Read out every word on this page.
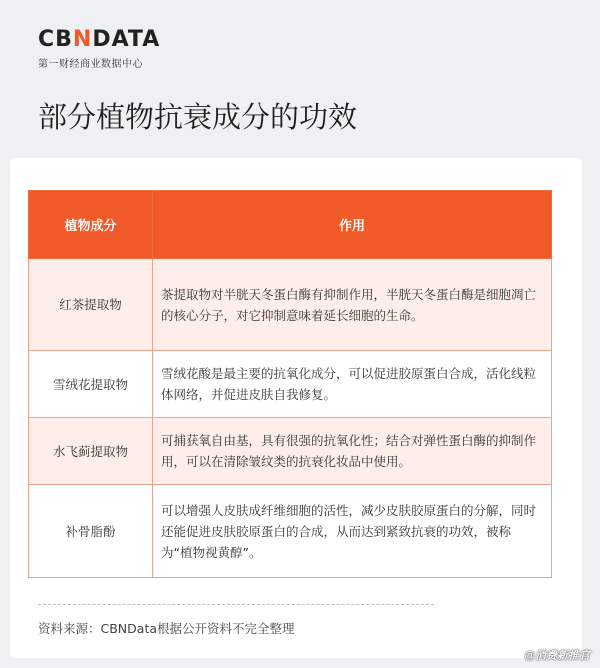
CBNDATA
第一财经商业数据中心
部分植物抗衰成分的功效
植物成分	作用
红茶提取物	茶提取物对半胱天冬蛋白酶有抑制作用，半胱天冬蛋白酶是细胞凋亡的核心分子，对它抑制意味着延长细胞的生命。
雪绒花提取物	雪绒花酸是最主要的抗氧化成分，可以促进胶原蛋白合成，活化线粒体网络，并促进皮肤自我修复。
水飞蓟提取物	可捕获氧自由基，具有很强的抗氧化性；结合对弹性蛋白酶的抑制作用，可以在清除皱纹类的抗衰化妆品中使用。
补骨脂酚	可以增强人皮肤成纤维细胞的活性，减少皮肤胶原蛋白的分解，同时还能促进皮肤胶原蛋白的合成，从而达到紧致抗衰的功效，被称为“植物视黄醇”。
资料来源：CBNData根据公开资料不完全整理
@消费新推官
